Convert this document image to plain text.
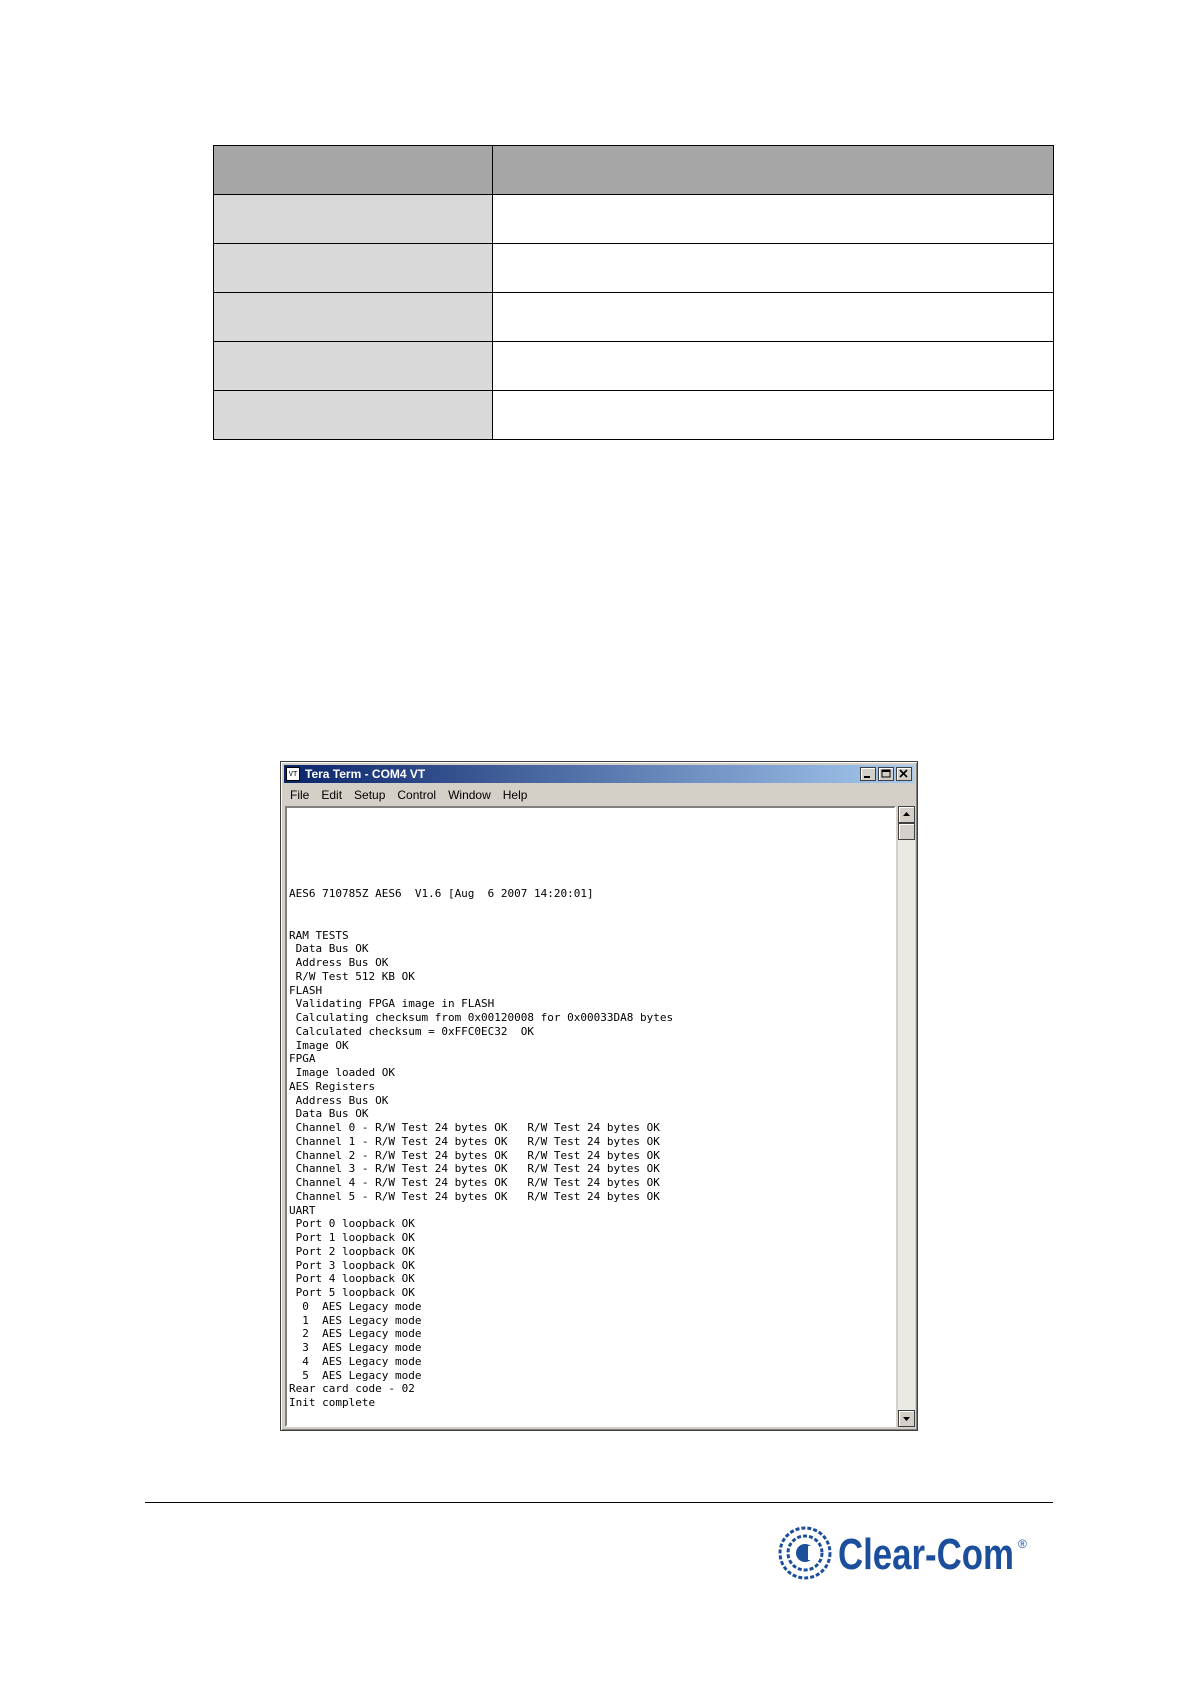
VT Tera Term - COM4 VT
File	Edit	Setup	Control	Window	Help
AES6 710785Z AES6  V1.6 [Aug  6 2007 14:20:01]
RAM TESTS
Data Bus OK
Address Bus OK
R/W Test 512 KB OK
FLASH
Validating FPGA image in FLASH
Calculating checksum from 0x00120008 for 0x00033DA8 bytes
Calculated checksum = 0xFFC0EC32  OK
Image OK
FPGA
Image loaded OK
AES Registers
Address Bus OK
Data Bus OK
Channel 0 - R/W Test 24 bytes OK   R/W Test 24 bytes OK
Channel 1 - R/W Test 24 bytes OK   R/W Test 24 bytes OK
Channel 2 - R/W Test 24 bytes OK   R/W Test 24 bytes OK
Channel 3 - R/W Test 24 bytes OK   R/W Test 24 bytes OK
Channel 4 - R/W Test 24 bytes OK   R/W Test 24 bytes OK
Channel 5 - R/W Test 24 bytes OK   R/W Test 24 bytes OK
UART
Port 0 loopback OK
Port 1 loopback OK
Port 2 loopback OK
Port 3 loopback OK
Port 4 loopback OK
Port 5 loopback OK
0  AES Legacy mode
1  AES Legacy mode
2  AES Legacy mode
3  AES Legacy mode
4  AES Legacy mode
5  AES Legacy mode
Rear card code - 02
Init complete
Clear-Com ®
